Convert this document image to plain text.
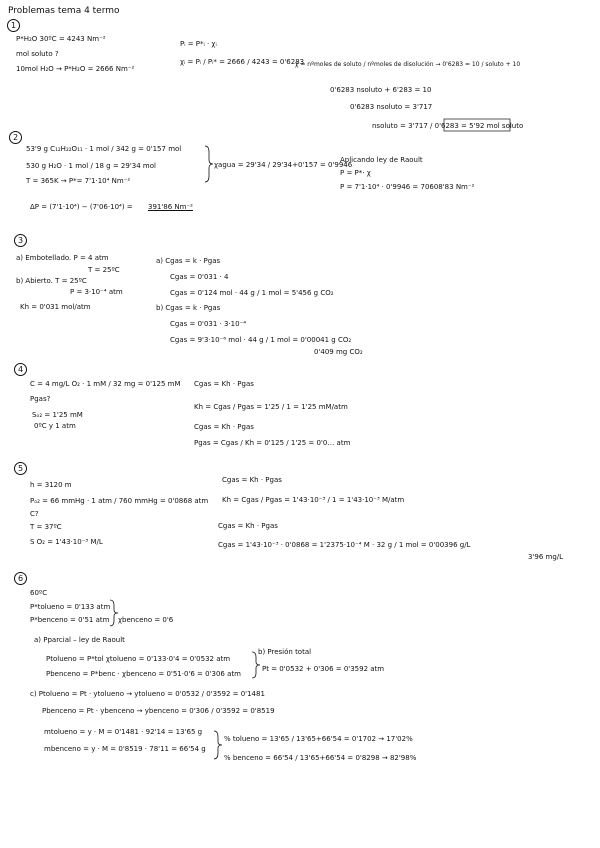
Problemas tema 4 termo
1
P*H₂O 30ºC = 4243 Nm⁻²
mol soluto ?
10mol H₂O → P*H₂O = 2666 Nm⁻²
Pᵢ = P*ᵢ · χᵢ
χᵢ = Pᵢ / Pᵢ* = 2666 / 4243 = 0'6283
χ = nºmoles de soluto / nºmoles de disolución → 0'6283 = 10 / soluto + 10
0'6283 nsoluto + 6'283 = 10
0'6283 nsoluto = 3'717
nsoluto = 3'717 / 0'6283 = 5'92 mol soluto
2
53'9 g C₁₂H₂₂O₁₁ · 1 mol / 342 g = 0'157 mol
530 g H₂O · 1 mol / 18 g = 29'34 mol
T = 365K → P*= 7'1·10⁴ Nm⁻²
χagua = 29'34 / 29'34+0'157 = 0'9946
Aplicando ley de Raoult
P = P*· χ
P = 7'1·10⁴ · 0'9946 = 70608'83 Nm⁻²
ΔP = (7'1·10⁴) − (7'06·10⁴) = 391'86 Nm⁻²
3
a) Embotellado. P = 4 atm
T = 25ºC
b) Abierto. T = 25ºC
P = 3·10⁻⁴ atm
Kh = 0'031 mol/atm
a) Cgas = k · Pgas
Cgas = 0'031 · 4
Cgas = 0'124 mol · 44 g / 1 mol = 5'456 g CO₂
b) Cgas = k · Pgas
Cgas = 0'031 · 3·10⁻⁴
Cgas = 9'3·10⁻⁶ mol · 44 g / 1 mol = 0'00041 g CO₂
0'409 mg CO₂
4
C = 4 mg/L O₂ · 1 mM / 32 mg = 0'125 mM
Pgas?
Sₒ₂ = 1'25 mM
0ºC y 1 atm
Cgas = Kh · Pgas
Kh = Cgas / Pgas = 1'25 / 1 = 1'25 mM/atm
Cgas = Kh · Pgas
Pgas = Cgas / Kh = 0'125 / 1'25 = 0'0… atm
5
h = 3120 m
Pₒ₂ = 66 mmHg · 1 atm / 760 mmHg = 0'0868 atm
C?
T = 37ºC
S O₂ = 1'43·10⁻³ M/L
Cgas = Kh · Pgas
Kh = Cgas / Pgas = 1'43·10⁻³ / 1 = 1'43·10⁻³ M/atm
Cgas = Kh · Pgas
Cgas = 1'43·10⁻³ · 0'0868 = 1'2375·10⁻⁴ M · 32 g / 1 mol = 0'00396 g/L
3'96 mg/L
6
60ºC
P*tolueno = 0'133 atm
P*benceno = 0'51 atm χbenceno = 0'6
a) Pparcial – ley de Raoult
Ptolueno = P*tol χtolueno = 0'133·0'4 = 0'0532 atm
Pbenceno = P*benc · χbenceno = 0'51·0'6 = 0'306 atm
b) Presión total
Pt = 0'0532 + 0'306 = 0'3592 atm
c) Ptolueno = Pt · ytolueno → ytolueno = 0'0532 / 0'3592 = 0'1481
Pbenceno = Pt · ybenceno → ybenceno = 0'306 / 0'3592 = 0'8519
mtolueno = y · M = 0'1481 · 92'14 = 13'65 g
mbenceno = y · M = 0'8519 · 78'11 = 66'54 g
% tolueno = 13'65 / 13'65+66'54 = 0'1702 → 17'02%
% benceno = 66'54 / 13'65+66'54 = 0'8298 → 82'98%
